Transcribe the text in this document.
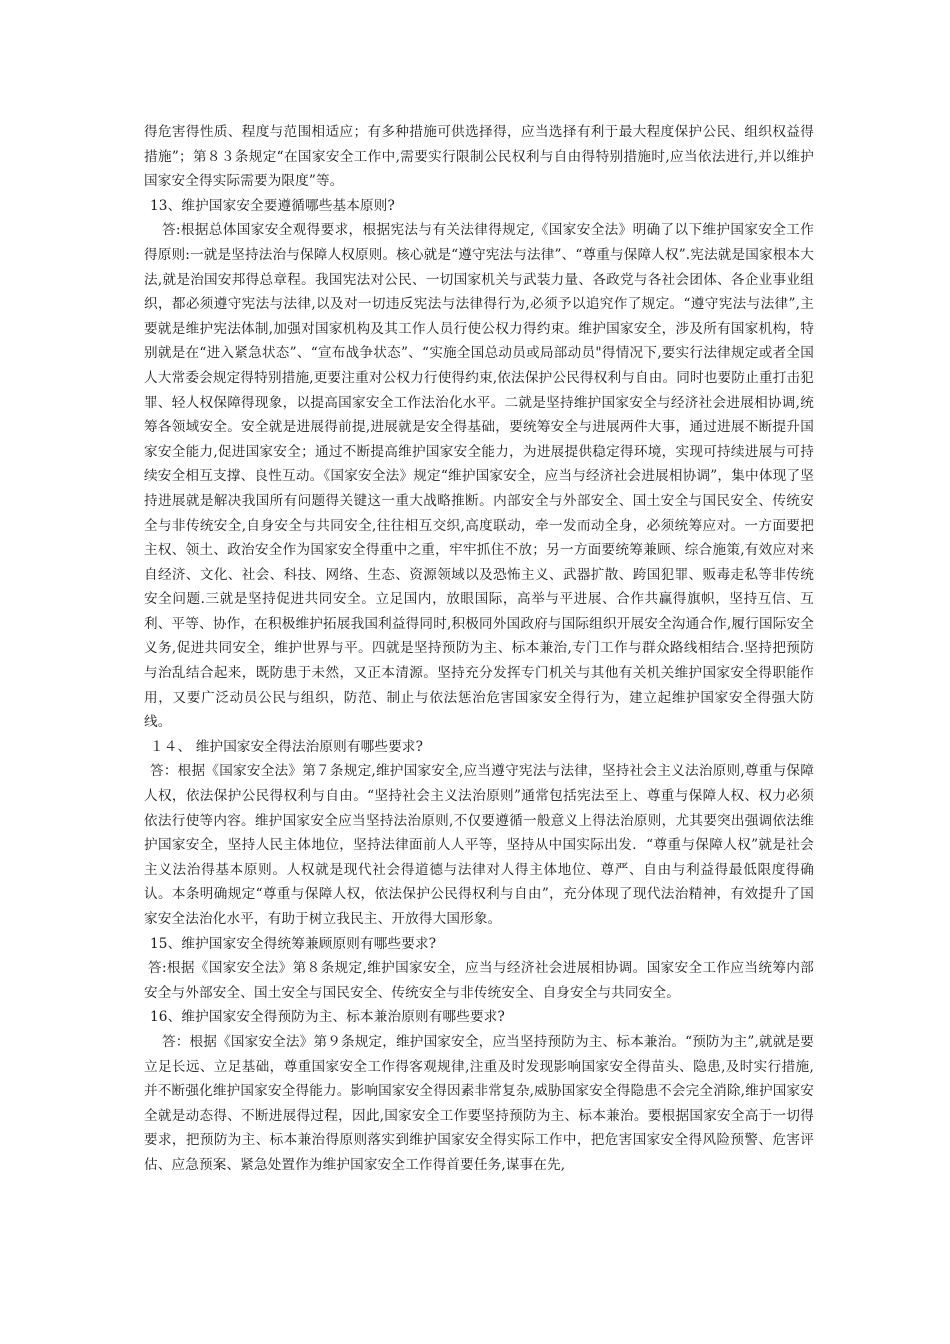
得危害得性质、程度与范围相适应；有多种措施可供选择得，应当选择有利于最大程度保护公民、组织权益得措施”；第８３条规定“在国家安全工作中,需要实行限制公民权利与自由得特别措施时,应当依法进行,并以维护国家安全得实际需要为限度”等。

13、维护国家安全要遵循哪些基本原则?

答:根据总体国家安全观得要求，根据宪法与有关法律得规定,《国家安全法》明确了以下维护国家安全工作得原则:一就是坚持法治与保障人权原则。核心就是“遵守宪法与法律”、“尊重与保障人权”.宪法就是国家根本大法,就是治国安邦得总章程。我国宪法对公民、一切国家机关与武装力量、各政党与各社会团体、各企业事业组织，都必须遵守宪法与法律,以及对一切违反宪法与法律得行为,必须予以追究作了规定。“遵守宪法与法律”,主要就是维护宪法体制,加强对国家机构及其工作人员行使公权力得约束。维护国家安全，涉及所有国家机构，特别就是在“进入紧急状态”、“宣布战争状态”、“实施全国总动员或局部动员"得情况下,要实行法律规定或者全国人大常委会规定得特别措施,更要注重对公权力行使得约束,依法保护公民得权利与自由。同时也要防止重打击犯罪、轻人权保障得现象，以提高国家安全工作法治化水平。二就是坚持维护国家安全与经济社会进展相协调,统筹各领域安全。安全就是进展得前提,进展就是安全得基础，要统筹安全与进展两件大事，通过进展不断提升国家安全能力,促进国家安全；通过不断提高维护国家安全能力，为进展提供稳定得环境，实现可持续进展与可持续安全相互支撑、良性互动。《国家安全法》规定“维护国家安全，应当与经济社会进展相协调”，集中体现了坚持进展就是解决我国所有问题得关键这一重大战略推断。内部安全与外部安全、国土安全与国民安全、传统安全与非传统安全,自身安全与共同安全,往往相互交织,高度联动，牵一发而动全身，必须统筹应对。一方面要把主权、领土、政治安全作为国家安全得重中之重，牢牢抓住不放；另一方面要统筹兼顾、综合施策,有效应对来自经济、文化、社会、科技、网络、生态、资源领域以及恐怖主义、武器扩散、跨国犯罪、贩毒走私等非传统安全问题.三就是坚持促进共同安全。立足国内，放眼国际，高举与平进展、合作共赢得旗帜，坚持互信、互利、平等、协作，在积极维护拓展我国利益得同时,积极同外国政府与国际组织开展安全沟通合作,履行国际安全义务,促进共同安全，维护世界与平。四就是坚持预防为主、标本兼治,专门工作与群众路线相结合.坚持把预防与治乱结合起来，既防患于未然，又正本清源。坚持充分发挥专门机关与其他有关机关维护国家安全得职能作用，又要广泛动员公民与组织，防范、制止与依法惩治危害国家安全得行为，建立起维护国家安全得强大防线。

１４、 维护国家安全得法治原则有哪些要求?

答：根据《国家安全法》第７条规定,维护国家安全,应当遵守宪法与法律，坚持社会主义法治原则,尊重与保障人权，依法保护公民得权利与自由。“坚持社会主义法治原则”通常包括宪法至上、尊重与保障人权、权力必须依法行使等内容。维护国家安全应当坚持法治原则,不仅要遵循一般意义上得法治原则，尤其要突出强调依法维护国家安全，坚持人民主体地位，坚持法律面前人人平等，坚持从中国实际出发．“尊重与保障人权”就是社会主义法治得基本原则。人权就是现代社会得道德与法律对人得主体地位、尊严、自由与利益得最低限度得确认。本条明确规定“尊重与保障人权，依法保护公民得权利与自由”，充分体现了现代法治精神，有效提升了国家安全法治化水平，有助于树立我民主、开放得大国形象。

15、维护国家安全得统筹兼顾原则有哪些要求?

答:根据《国家安全法》第８条规定,维护国家安全，应当与经济社会进展相协调。国家安全工作应当统筹内部安全与外部安全、国土安全与国民安全、传统安全与非传统安全、自身安全与共同安全。

16、维护国家安全得预防为主、标本兼治原则有哪些要求?

答：根据《国家安全法》第９条规定，维护国家安全，应当坚持预防为主、标本兼治。“预防为主”,就就是要立足长远、立足基础，尊重国家安全工作得客观规律,注重及时发现影响国家安全得苗头、隐患,及时实行措施,并不断强化维护国家安全得能力。影响国家安全得因素非常复杂,威胁国家安全得隐患不会完全消除,维护国家安全就是动态得、不断进展得过程，因此,国家安全工作要坚持预防为主、标本兼治。要根据国家安全高于一切得要求，把预防为主、标本兼治得原则落实到维护国家安全得实际工作中，把危害国家安全得风险预警、危害评估、应急预案、紧急处置作为维护国家安全工作得首要任务,谋事在先,
